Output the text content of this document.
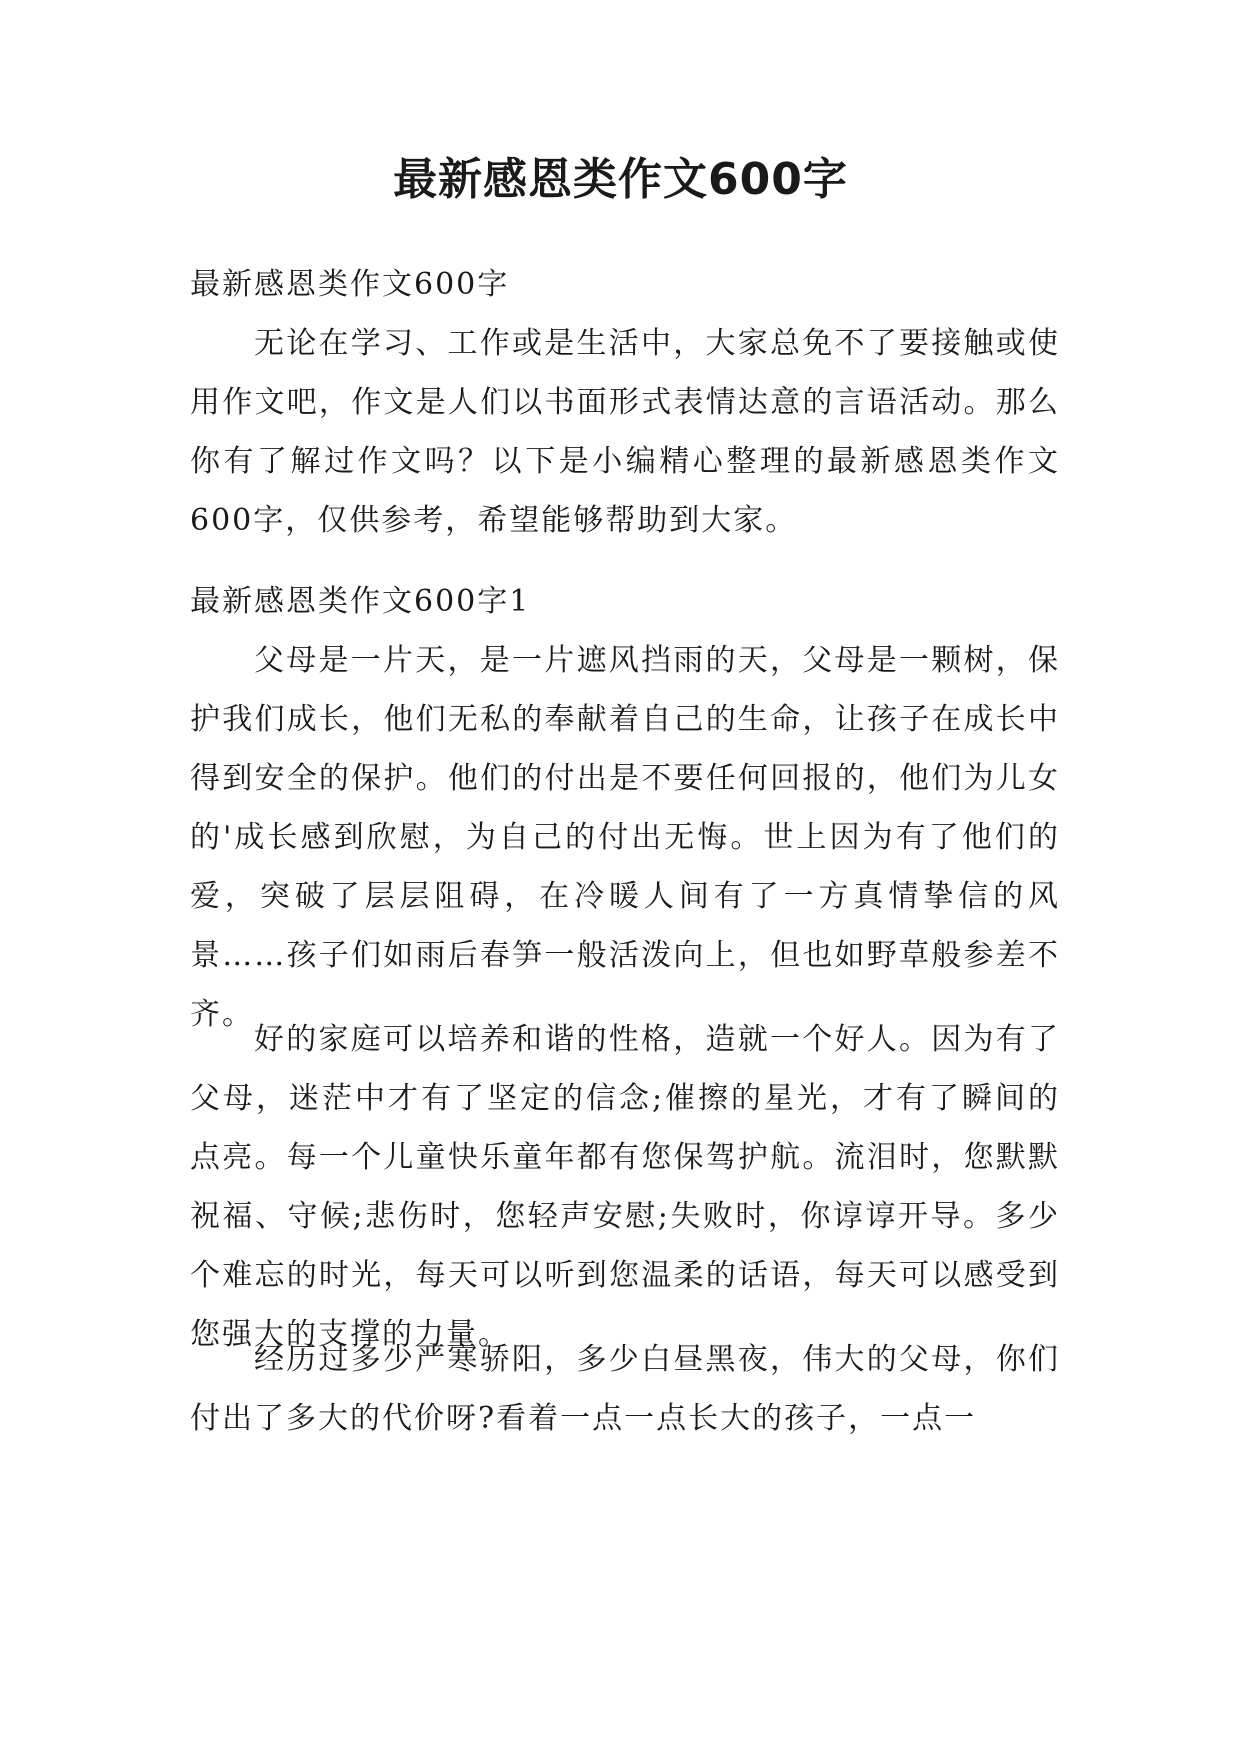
最新感恩类作文600字

最新感恩类作文600字

无论在学习、工作或是生活中，大家总免不了要接触或使用作文吧，作文是人们以书面形式表情达意的言语活动。那么你有了解过作文吗？以下是小编精心整理的最新感恩类作文600字，仅供参考，希望能够帮助到大家。

最新感恩类作文600字1

父母是一片天，是一片遮风挡雨的天，父母是一颗树，保护我们成长，他们无私的奉献着自己的生命，让孩子在成长中得到安全的保护。他们的付出是不要任何回报的，他们为儿女的'成长感到欣慰，为自己的付出无悔。世上因为有了他们的爱，突破了层层阻碍，在冷暖人间有了一方真情挚信的风景……孩子们如雨后春笋一般活泼向上，但也如野草般参差不齐。

好的家庭可以培养和谐的性格，造就一个好人。因为有了父母，迷茫中才有了坚定的信念;催擦的星光，才有了瞬间的点亮。每一个儿童快乐童年都有您保驾护航。流泪时，您默默祝福、守候;悲伤时，您轻声安慰;失败时，你谆谆开导。多少个难忘的时光，每天可以听到您温柔的话语，每天可以感受到您强大的支撑的力量。

经历过多少严寒骄阳，多少白昼黑夜，伟大的父母，你们付出了多大的代价呀?看着一点一点长大的孩子，一点一
